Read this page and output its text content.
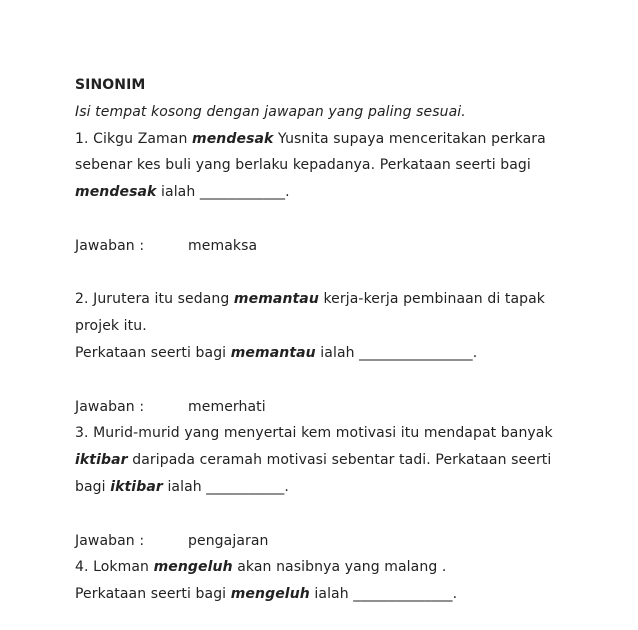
SINONIM
Isi tempat kosong dengan jawapan yang paling sesuai.
1. Cikgu Zaman mendesak Yusnita supaya menceritakan perkara
sebenar kes buli yang berlaku kepadanya. Perkataan seerti bagi
mendesak ialah ____________.
Jawaban :	memaksa
2. Jurutera itu sedang memantau kerja-kerja pembinaan di tapak
projek itu.
Perkataan seerti bagi memantau ialah ________________.
Jawaban :	memerhati
3. Murid-murid yang menyertai kem motivasi itu mendapat banyak
iktibar daripada ceramah motivasi sebentar tadi. Perkataan seerti
bagi iktibar ialah ___________.
Jawaban :	pengajaran
4. Lokman mengeluh akan nasibnya yang malang .
Perkataan seerti bagi mengeluh ialah ______________.
